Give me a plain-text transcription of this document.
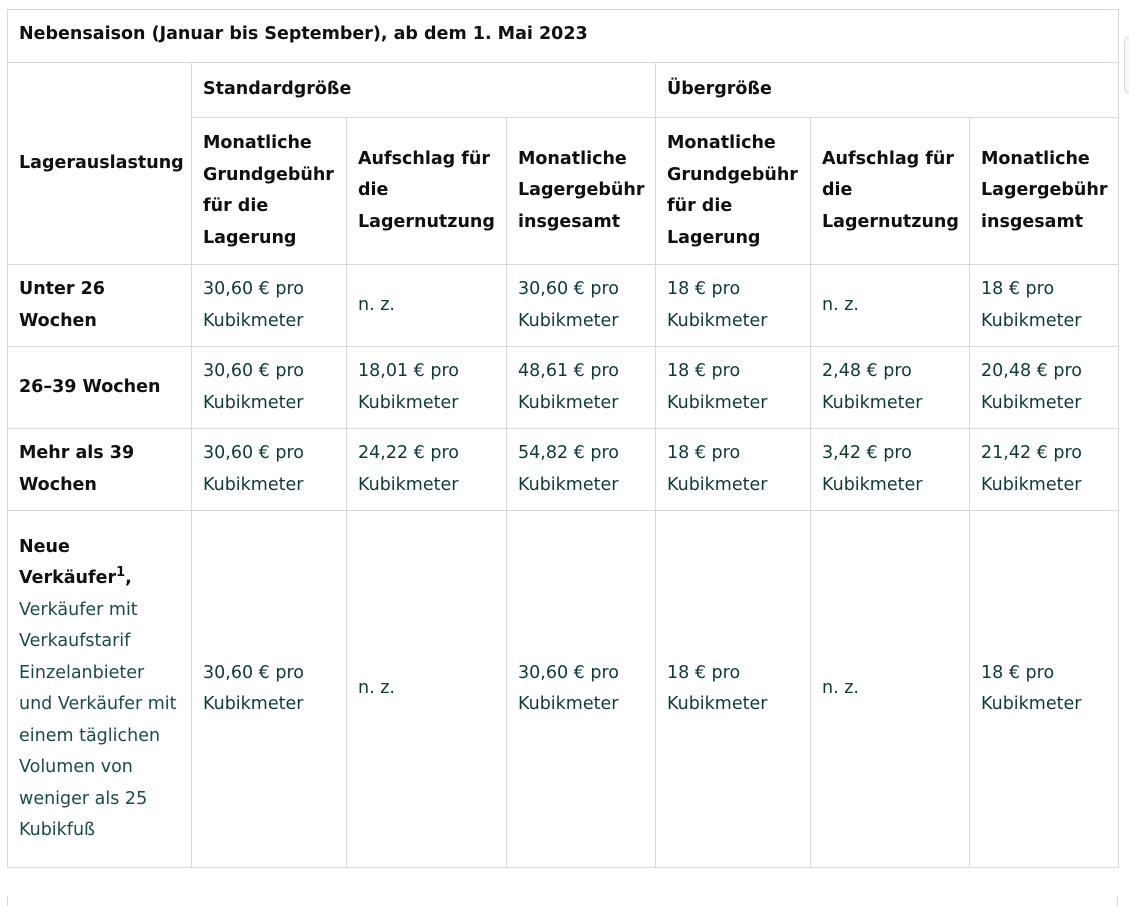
Nebensaison (Januar bis September), ab dem 1. Mai 2023						
Lagerauslastung	Standardgröße			Übergröße		
	Monatliche Grundgebühr für die Lagerung	Aufschlag für die Lagernutzung	Monatliche Lagergebühr insgesamt	Monatliche Grundgebühr für die Lagerung	Aufschlag für die Lagernutzung	Monatliche Lagergebühr insgesamt
Unter 26 Wochen	30,60 € pro Kubikmeter	n. z.	30,60 € pro Kubikmeter	18 € pro Kubikmeter	n. z.	18 € pro Kubikmeter
26–39 Wochen	30,60 € pro Kubikmeter	18,01 € pro Kubikmeter	48,61 € pro Kubikmeter	18 € pro Kubikmeter	2,48 € pro Kubikmeter	20,48 € pro Kubikmeter
Mehr als 39 Wochen	30,60 € pro Kubikmeter	24,22 € pro Kubikmeter	54,82 € pro Kubikmeter	18 € pro Kubikmeter	3,42 € pro Kubikmeter	21,42 € pro Kubikmeter
Neue Verkäufer$^1$, Verkäufer mit Verkaufstarif Einzelanbieter und Verkäufer mit einem täglichen Volumen von weniger als 25 Kubikfuß	30,60 € pro Kubikmeter	n. z.	30,60 € pro Kubikmeter	18 € pro Kubikmeter	n. z.	18 € pro Kubikmeter
